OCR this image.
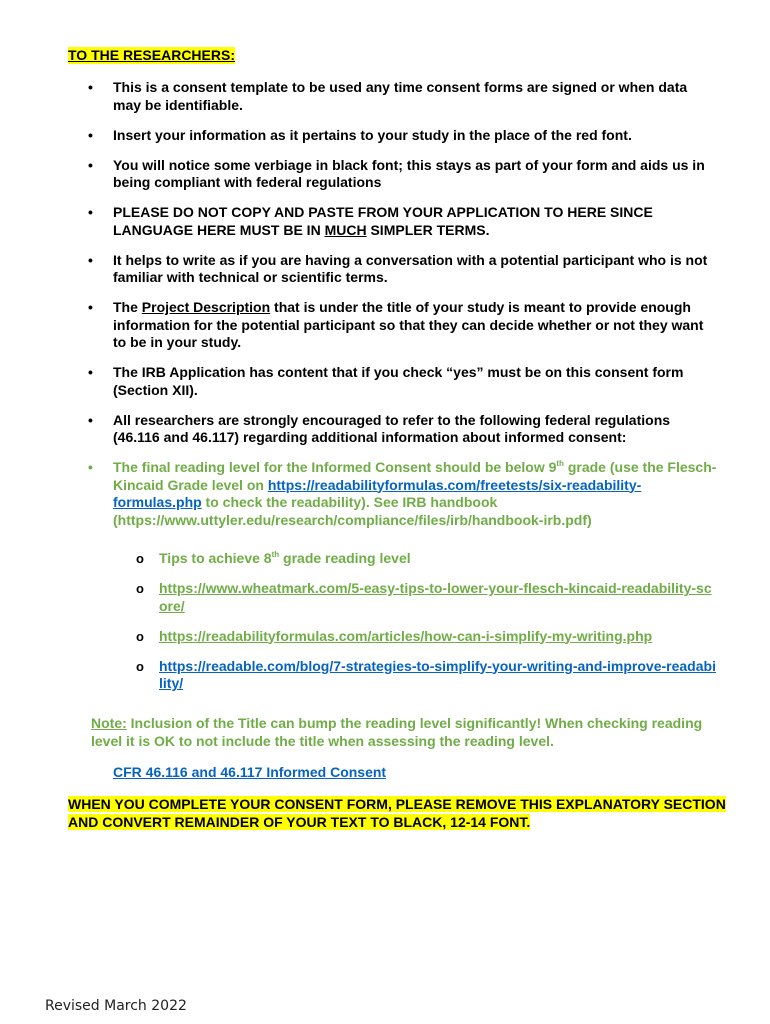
TO THE RESEARCHERS:
• This is a consent template to be used any time consent forms are signed or when data may be identifiable.
• Insert your information as it pertains to your study in the place of the red font.
• You will notice some verbiage in black font; this stays as part of your form and aids us in being compliant with federal regulations
• PLEASE DO NOT COPY AND PASTE FROM YOUR APPLICATION TO HERE SINCE LANGUAGE HERE MUST BE IN MUCH SIMPLER TERMS.
• It helps to write as if you are having a conversation with a potential participant who is not familiar with technical or scientific terms.
• The Project Description that is under the title of your study is meant to provide enough information for the potential participant so that they can decide whether or not they want to be in your study.
• The IRB Application has content that if you check “yes” must be on this consent form (Section XII).
• All researchers are strongly encouraged to refer to the following federal regulations (46.116 and 46.117) regarding additional information about informed consent:
• The final reading level for the Informed Consent should be below 9th grade (use the Flesch-Kincaid Grade level on https://readabilityformulas.com/freetests/six-readability-formulas.php to check the readability). See IRB handbook (https://www.uttyler.edu/research/compliance/files/irb/handbook-irb.pdf)
o Tips to achieve 8th grade reading level
o https://www.wheatmark.com/5-easy-tips-to-lower-your-flesch-kincaid-readability-score/
o https://readabilityformulas.com/articles/how-can-i-simplify-my-writing.php
o https://readable.com/blog/7-strategies-to-simplify-your-writing-and-improve-readability/
Note: Inclusion of the Title can bump the reading level significantly! When checking reading level it is OK to not include the title when assessing the reading level.
CFR 46.116 and 46.117 Informed Consent
WHEN YOU COMPLETE YOUR CONSENT FORM, PLEASE REMOVE THIS EXPLANATORY SECTION AND CONVERT REMAINDER OF YOUR TEXT TO BLACK, 12-14 FONT.
Revised March 2022
